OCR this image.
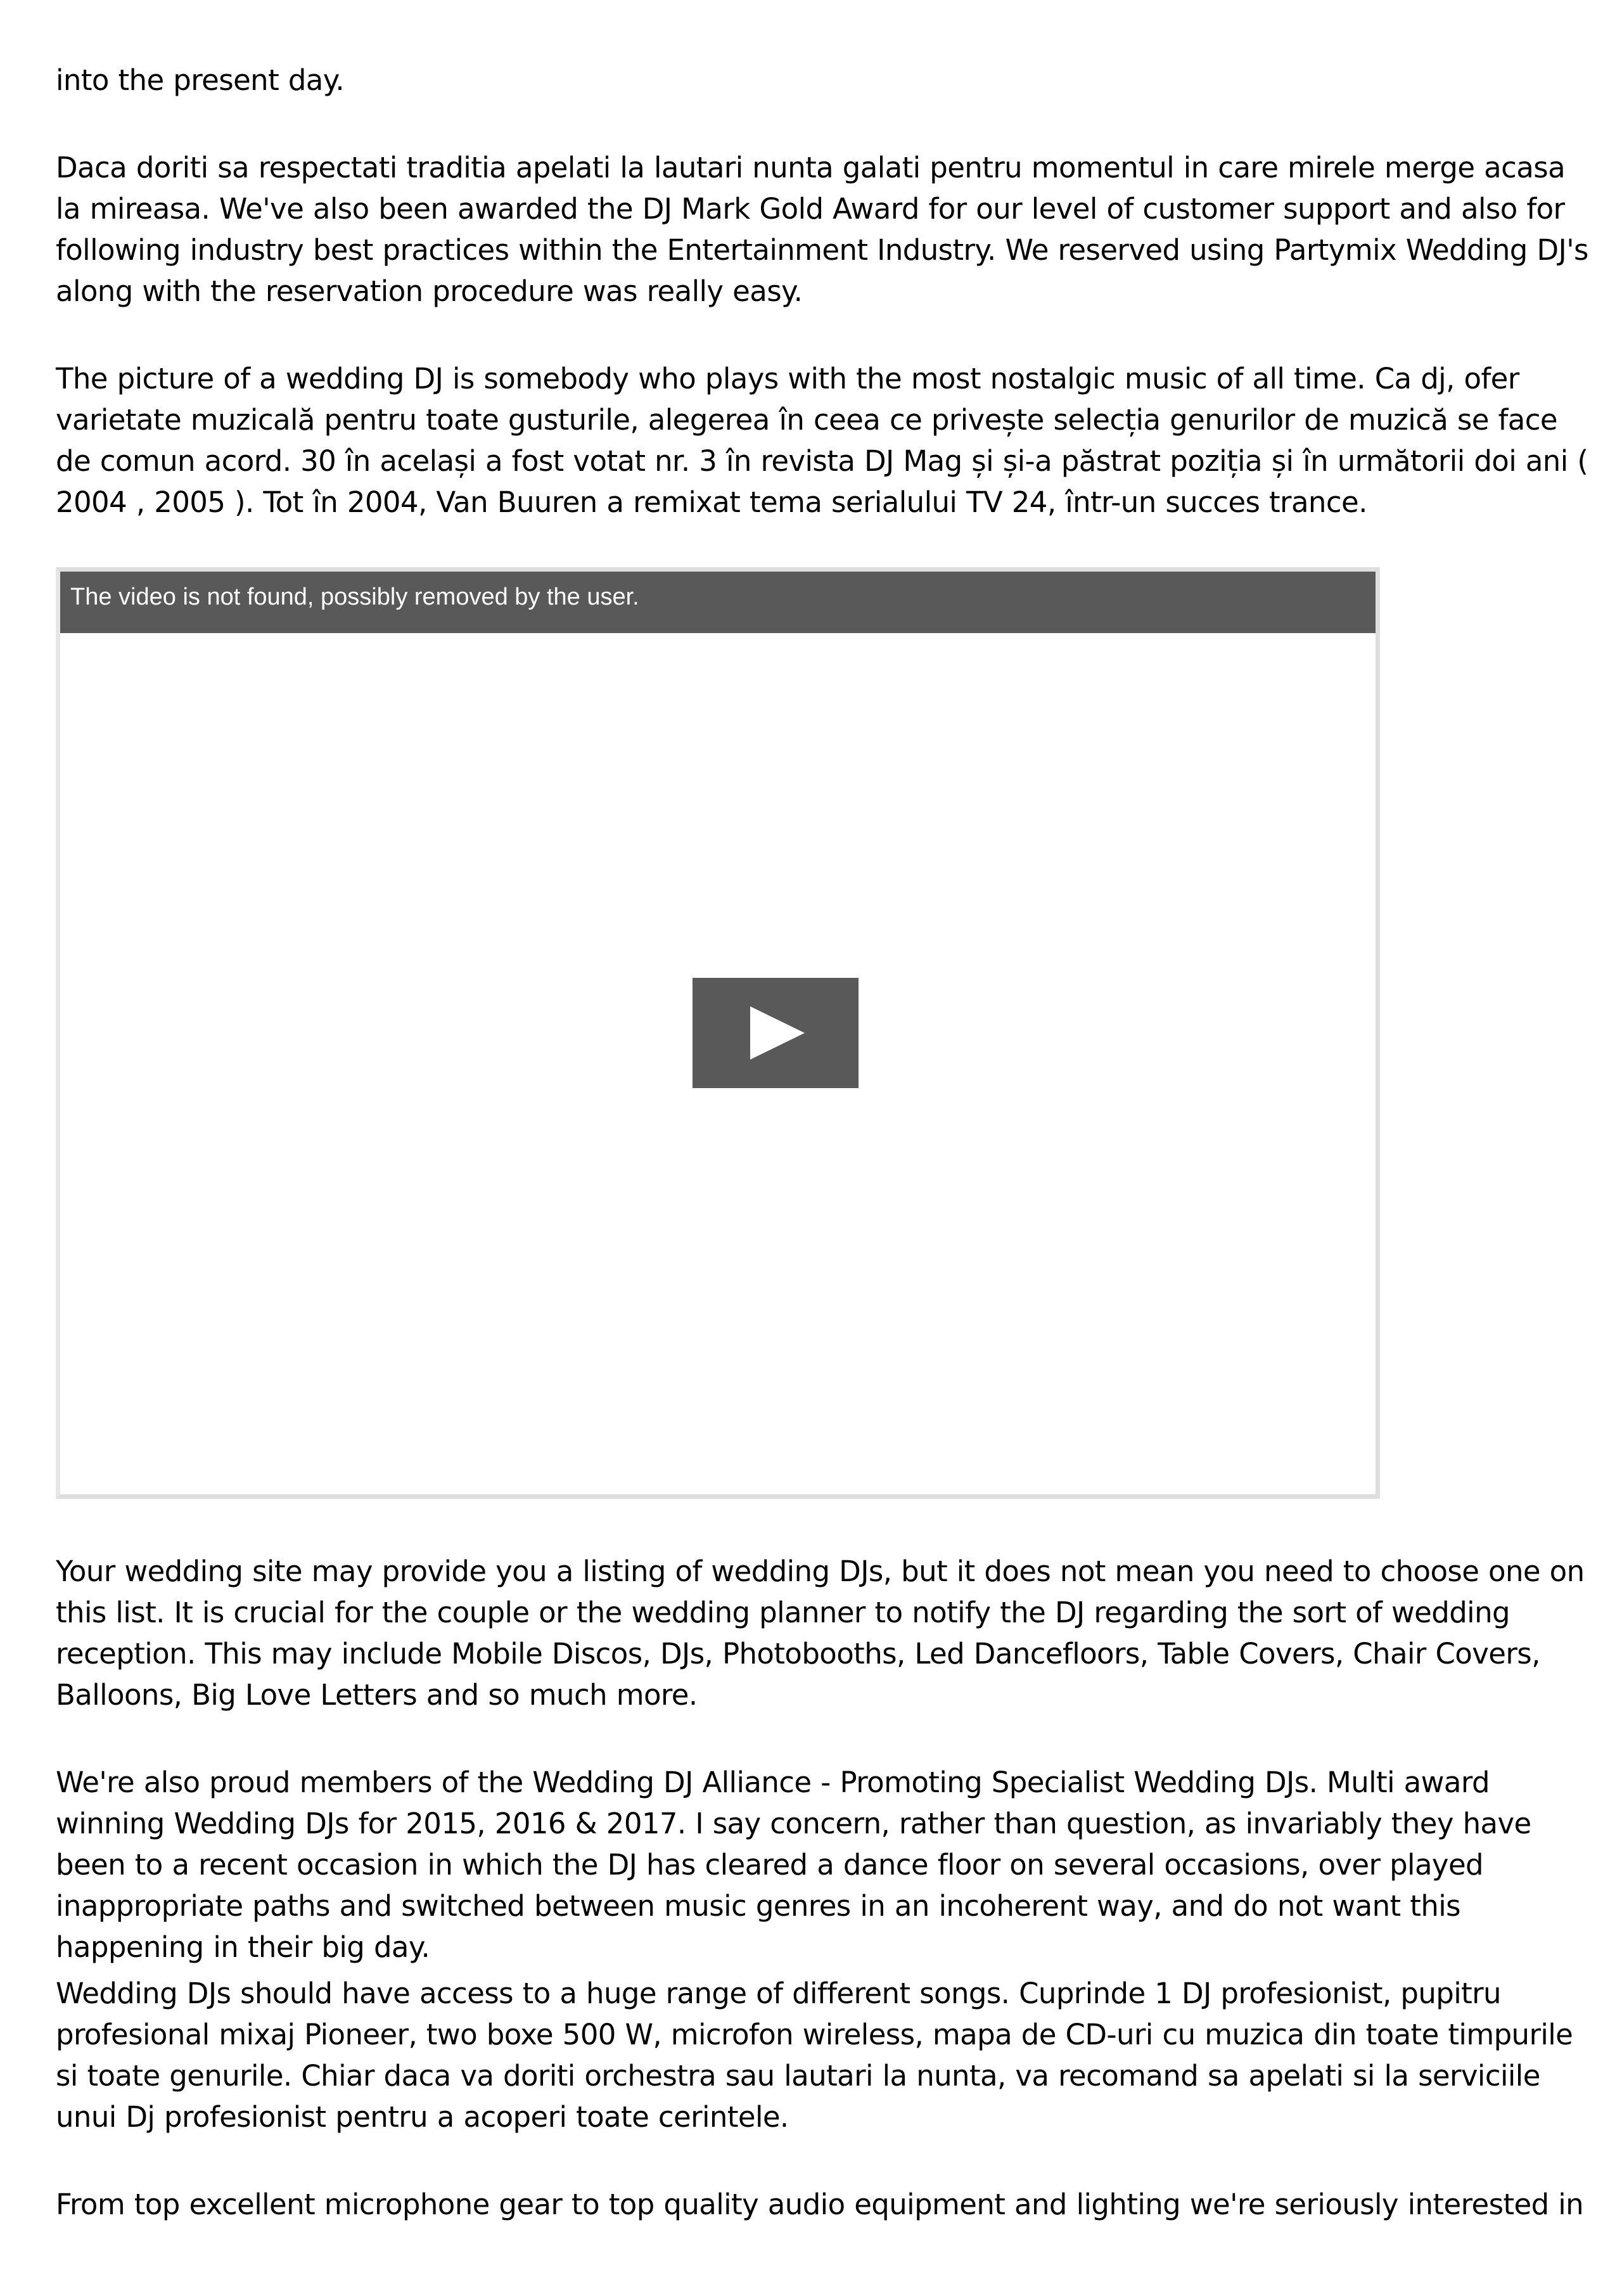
into the present day.

Daca doriti sa respectati traditia apelati la lautari nunta galati pentru momentul in care mirele merge acasa la mireasa. We've also been awarded the DJ Mark Gold Award for our level of customer support and also for following industry best practices within the Entertainment Industry. We reserved using Partymix Wedding DJ's along with the reservation procedure was really easy.

The picture of a wedding DJ is somebody who plays with the most nostalgic music of all time. Ca dj, ofer varietate muzicală pentru toate gusturile, alegerea în ceea ce privește selecția genurilor de muzică se face de comun acord. 30 în același a fost votat nr. 3 în revista DJ Mag și și-a păstrat poziția și în următorii doi ani ( 2004 , 2005 ). Tot în 2004, Van Buuren a remixat tema serialului TV 24, într-un succes trance.

Your wedding site may provide you a listing of wedding DJs, but it does not mean you need to choose one on this list. It is crucial for the couple or the wedding planner to notify the DJ regarding the sort of wedding reception. This may include Mobile Discos, DJs, Photobooths, Led Dancefloors, Table Covers, Chair Covers, Balloons, Big Love Letters and so much more.

We're also proud members of the Wedding DJ Alliance - Promoting Specialist Wedding DJs. Multi award winning Wedding DJs for 2015, 2016 & 2017. I say concern, rather than question, as invariably they have been to a recent occasion in which the DJ has cleared a dance floor on several occasions, over played inappropriate paths and switched between music genres in an incoherent way, and do not want this happening in their big day.

Wedding DJs should have access to a huge range of different songs. Cuprinde 1 DJ profesionist, pupitru profesional mixaj Pioneer, two boxe 500 W, microfon wireless, mapa de CD-uri cu muzica din toate timpurile si toate genurile. Chiar daca va doriti orchestra sau lautari la nunta, va recomand sa apelati si la serviciile unui Dj profesionist pentru a acoperi toate cerintele.

From top excellent microphone gear to top quality audio equipment and lighting we're seriously interested in

The video is not found, possibly removed by the user.
